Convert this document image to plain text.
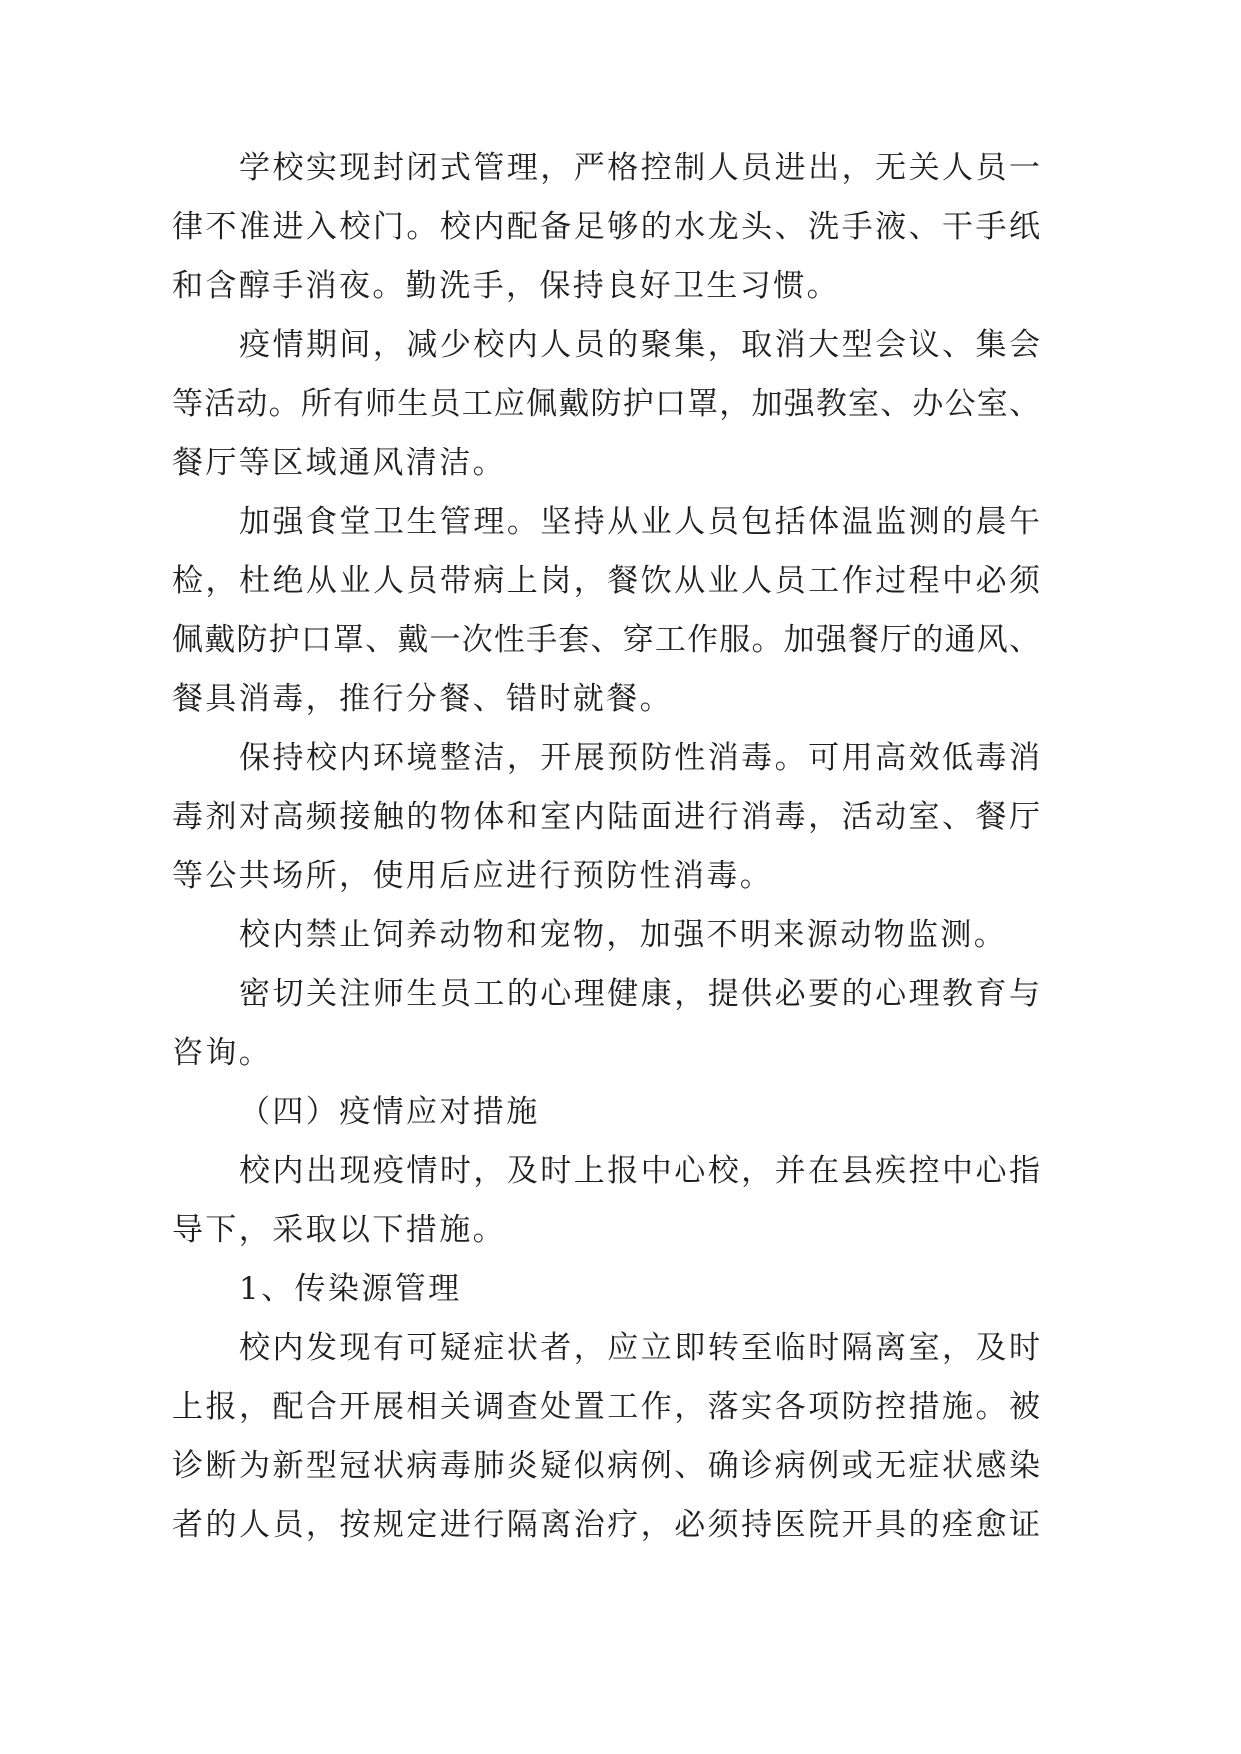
学校实现封闭式管理，严格控制人员进出，无关人员一
律不准进入校门。校内配备足够的水龙头、洗手液、干手纸
和含醇手消夜。勤洗手，保持良好卫生习惯。
疫情期间，减少校内人员的聚集，取消大型会议、集会
等活动。所有师生员工应佩戴防护口罩，加强教室、办公室、
餐厅等区域通风清洁。
加强食堂卫生管理。坚持从业人员包括体温监测的晨午
检，杜绝从业人员带病上岗，餐饮从业人员工作过程中必须
佩戴防护口罩、戴一次性手套、穿工作服。加强餐厅的通风、
餐具消毒，推行分餐、错时就餐。
保持校内环境整洁，开展预防性消毒。可用高效低毒消
毒剂对高频接触的物体和室内陆面进行消毒，活动室、餐厅
等公共场所，使用后应进行预防性消毒。
校内禁止饲养动物和宠物，加强不明来源动物监测。
密切关注师生员工的心理健康，提供必要的心理教育与
咨询。
（四）疫情应对措施
校内出现疫情时，及时上报中心校，并在县疾控中心指
导下，采取以下措施。
1、传染源管理
校内发现有可疑症状者，应立即转至临时隔离室，及时
上报，配合开展相关调查处置工作，落实各项防控措施。被
诊断为新型冠状病毒肺炎疑似病例、确诊病例或无症状感染
者的人员，按规定进行隔离治疗，必须持医院开具的痊愈证
